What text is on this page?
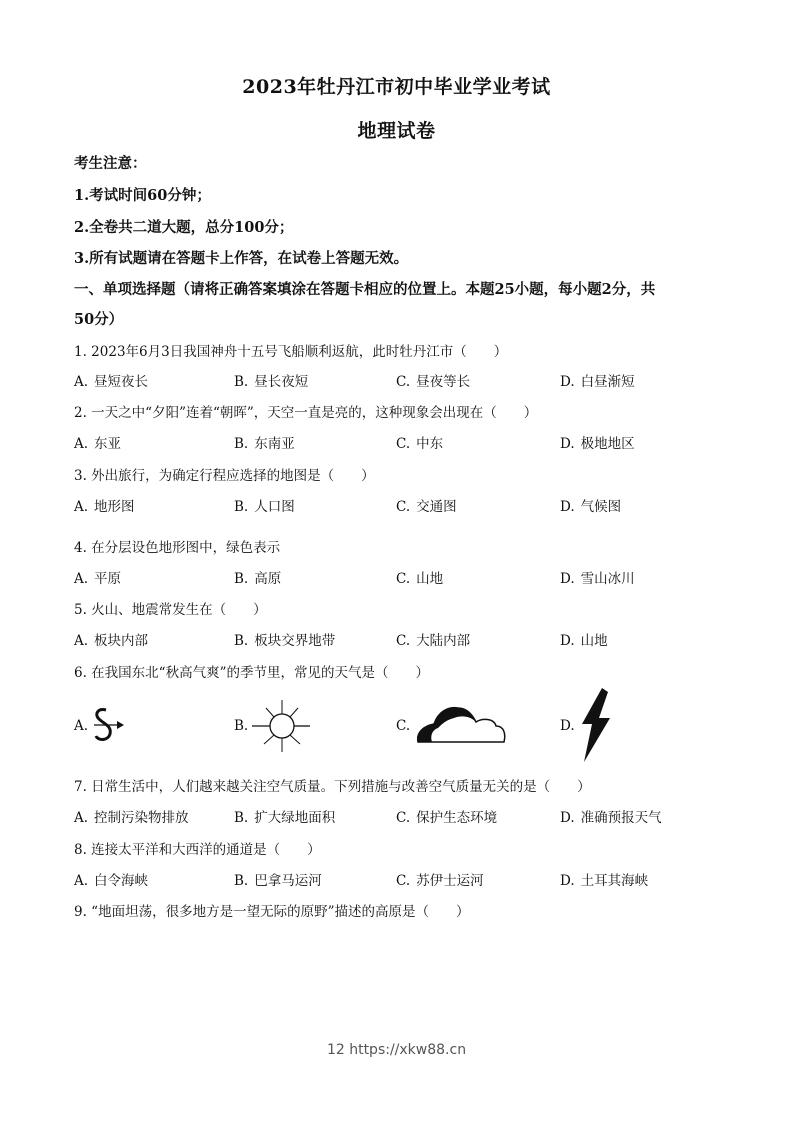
2023年牡丹江市初中毕业学业考试
地理试卷
考生注意：
1.考试时间60分钟；
2.全卷共二道大题，总分100分；
3.所有试题请在答题卡上作答，在试卷上答题无效。
一、单项选择题（请将正确答案填涂在答题卡相应的位置上。本题25小题，每小题2分，共
50分）
1. 2023年6月3日我国神舟十五号飞船顺利返航，此时牡丹江市（　　）
A. 昼短夜长	B. 昼长夜短	C. 昼夜等长	D. 白昼渐短
2. 一天之中“夕阳”连着“朝晖”，天空一直是亮的，这种现象会出现在（　　）
A. 东亚	B. 东南亚	C. 中东	D. 极地地区
3. 外出旅行，为确定行程应选择的地图是（　　）
A. 地形图	B. 人口图	C. 交通图	D. 气候图
4. 在分层设色地形图中，绿色表示
A. 平原	B. 高原	C. 山地	D. 雪山冰川
5. 火山、地震常发生在（　　）
A. 板块内部	B. 板块交界地带	C. 大陆内部	D. 山地
6. 在我国东北“秋高气爽”的季节里，常见的天气是（　　）
A.	B.	C.	D.
7. 日常生活中，人们越来越关注空气质量。下列措施与改善空气质量无关的是（　　）
A. 控制污染物排放	B. 扩大绿地面积	C. 保护生态环境	D. 准确预报天气
8. 连接太平洋和大西洋的通道是（　　）
A. 白令海峡	B. 巴拿马运河	C. 苏伊士运河	D. 土耳其海峡
9. “地面坦荡，很多地方是一望无际的原野”描述的高原是（　　）
12 https://xkw88.cn
